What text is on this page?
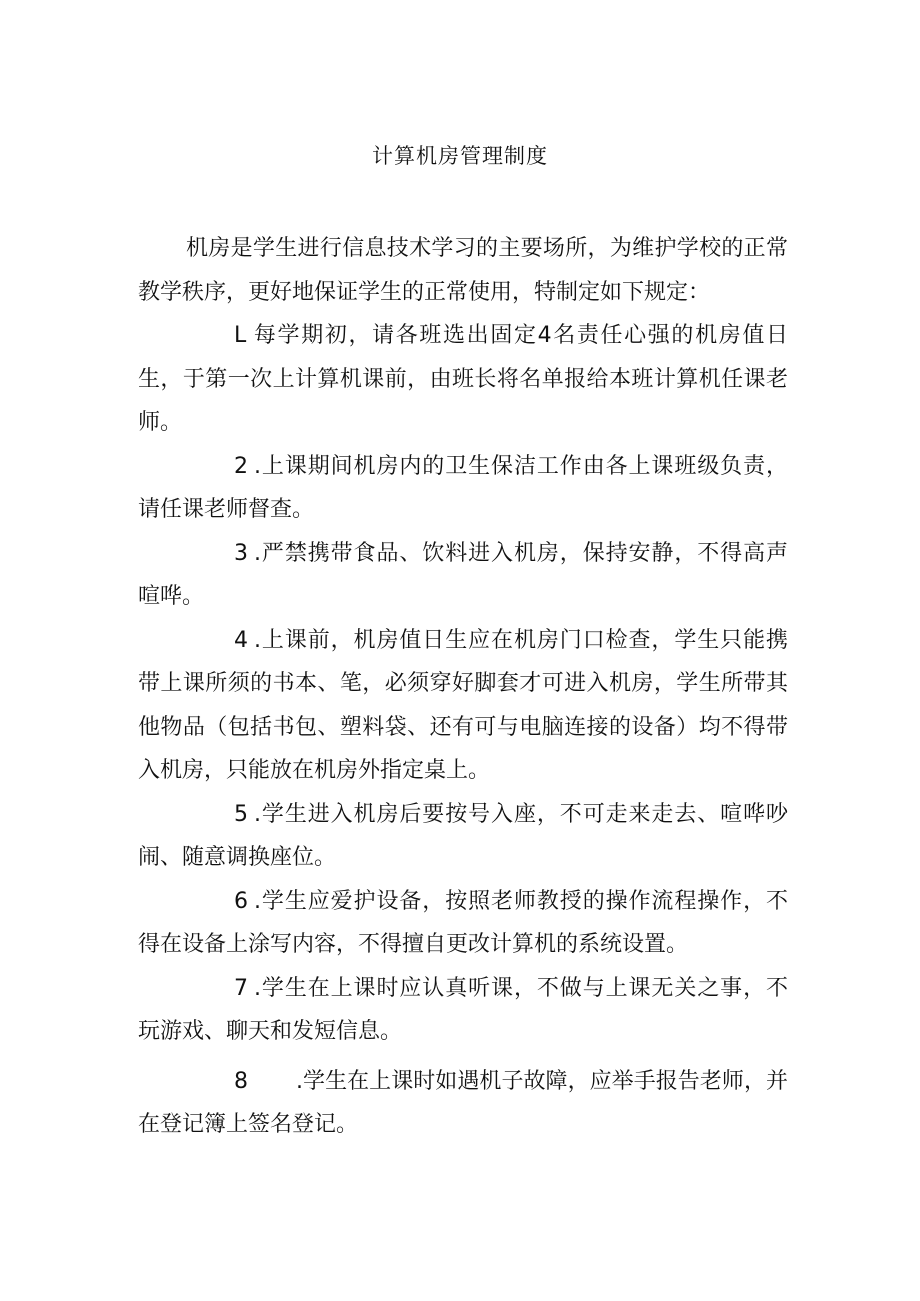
计算机房管理制度

机房是学生进行信息技术学习的主要场所，为维护学校的正常教学秩序，更好地保证学生的正常使用，特制定如下规定：

L 每学期初，请各班选出固定4名责任心强的机房值日生，于第一次上计算机课前，由班长将名单报给本班计算机任课老师。

2 .上课期间机房内的卫生保洁工作由各上课班级负责，请任课老师督查。

3 .严禁携带食品、饮料进入机房，保持安静，不得高声喧哗。

4 .上课前，机房值日生应在机房门口检查，学生只能携带上课所须的书本、笔，必须穿好脚套才可进入机房，学生所带其他物品（包括书包、塑料袋、还有可与电脑连接的设备）均不得带入机房，只能放在机房外指定桌上。

5 .学生进入机房后要按号入座，不可走来走去、喧哗吵闹、随意调换座位。

6 .学生应爱护设备，按照老师教授的操作流程操作，不得在设备上涂写内容，不得擅自更改计算机的系统设置。

7 .学生在上课时应认真听课，不做与上课无关之事，不玩游戏、聊天和发短信息。

8 .学生在上课时如遇机子故障，应举手报告老师，并在登记簿上签名登记。
